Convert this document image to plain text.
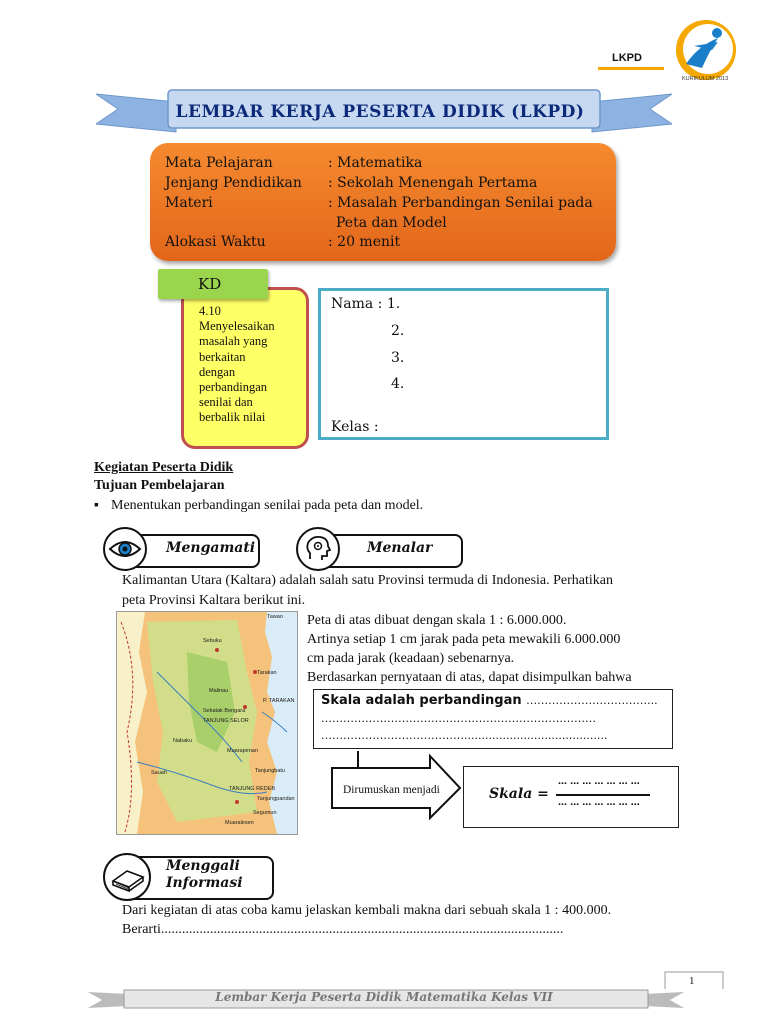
LKPD
KURIKULUM 2013
LEMBAR KERJA PESERTA DIDIK (LKPD)
Mata Pelajaran	: Matematika
Jenjang Pendidikan : Sekolah Menengah Pertama
Materi	: Masalah Perbandingan Senilai pada
Peta dan Model
Alokasi Waktu	: 20 menit
KD
4.10
Menyelesaikan
masalah yang
berkaitan
dengan
perbandingan
senilai dan
berbalik nilai
Nama : 1.
2.
3.
4.
Kelas :
Kegiatan Peserta Didik
Tujuan Pembelajaran
▪ Menentukan perbandingan senilai pada peta dan model.
Mengamati	Menalar
Kalimantan Utara (Kaltara) adalah salah satu Provinsi termuda di Indonesia. Perhatikan
peta Provinsi Kaltara berikut ini.
Tawao Sebuku Tarakan Malinau Sekatak Bengara TANJUNG SELOR P. TARAKAN Nabaku Muarapenan Tanjungbatu Sauah TANJUNG REDEB Tanjungpandan Muaralesen Segumun
Peta di atas dibuat dengan skala 1 : 6.000.000.
Artinya setiap 1 cm jarak pada peta mewakili 6.000.000
cm pada jarak (keadaan) sebenarnya.
Berdasarkan pernyataan di atas, dapat disimpulkan bahwa
Skala adalah perbandingan ……………………………...
…………………………………………………………………
………………………………….........................................
Dirumuskan menjadi	Skala =
… … … … … … …
… … … … … … …
Menggali
Informasi
Dari kegiatan di atas coba kamu jelaskan kembali makna dari sebuah skala 1 : 400.000.
Berarti...................................................................................................................
1
Lembar Kerja Peserta Didik Matematika Kelas VII
